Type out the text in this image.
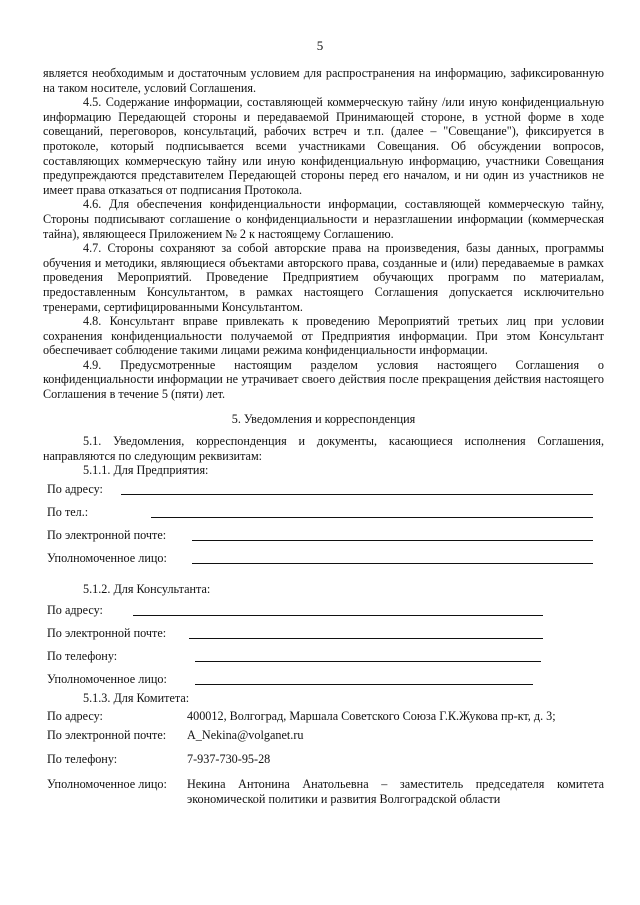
5

является необходимым и достаточным условием для распространения на информацию, зафиксированную на таком носителе, условий Соглашения.

4.5. Содержание информации, составляющей коммерческую тайну /или иную конфиденциальную информацию Передающей стороны и передаваемой Принимающей стороне, в устной форме в ходе совещаний, переговоров, консультаций, рабочих встреч и т.п. (далее – "Совещание"), фиксируется в протоколе, который подписывается всеми участниками Совещания. Об обсуждении вопросов, составляющих коммерческую тайну или иную конфиденциальную информацию, участники Совещания предупреждаются представителем Передающей стороны перед его началом, и ни один из участников не имеет права отказаться от подписания Протокола.

4.6. Для обеспечения конфиденциальности информации, составляющей коммерческую тайну, Стороны подписывают соглашение о конфиденциальности и неразглашении информации (коммерческая тайна), являющееся Приложением № 2 к настоящему Соглашению.

4.7. Стороны сохраняют за собой авторские права на произведения, базы данных, программы обучения и методики, являющиеся объектами авторского права, созданные и (или) передаваемые в рамках проведения Мероприятий. Проведение Предприятием обучающих программ по материалам, предоставленным Консультантом, в рамках настоящего Соглашения допускается исключительно тренерами, сертифицированными Консультантом.

4.8. Консультант вправе привлекать к проведению Мероприятий третьих лиц при условии сохранения конфиденциальности получаемой от Предприятия информации. При этом Консультант обеспечивает соблюдение такими лицами режима конфиденциальности информации.

4.9. Предусмотренные настоящим разделом условия настоящего Соглашения о конфиденциальности информации не утрачивает своего действия после прекращения действия настоящего Соглашения в течение 5 (пяти) лет.

5. Уведомления и корреспонденция

5.1. Уведомления, корреспонденция и документы, касающиеся исполнения Соглашения, направляются по следующим реквизитам:

5.1.1. Для Предприятия:

По адресу:
По тел.:
По электронной почте:
Уполномоченное лицо:

5.1.2. Для Консультанта:

По адресу:
По электронной почте:
По телефону:
Уполномоченное лицо:

5.1.3. Для Комитета:

По адресу:	400012, Волгоград, Маршала Советского Союза Г.К.Жукова пр-кт, д. 3;
По электронной почте:	A_Nekina@volganet.ru
По телефону:	7-937-730-95-28
Уполномоченное лицо:	Некина Антонина Анатольевна – заместитель председателя комитета экономической политики и развития Волгоградской области
